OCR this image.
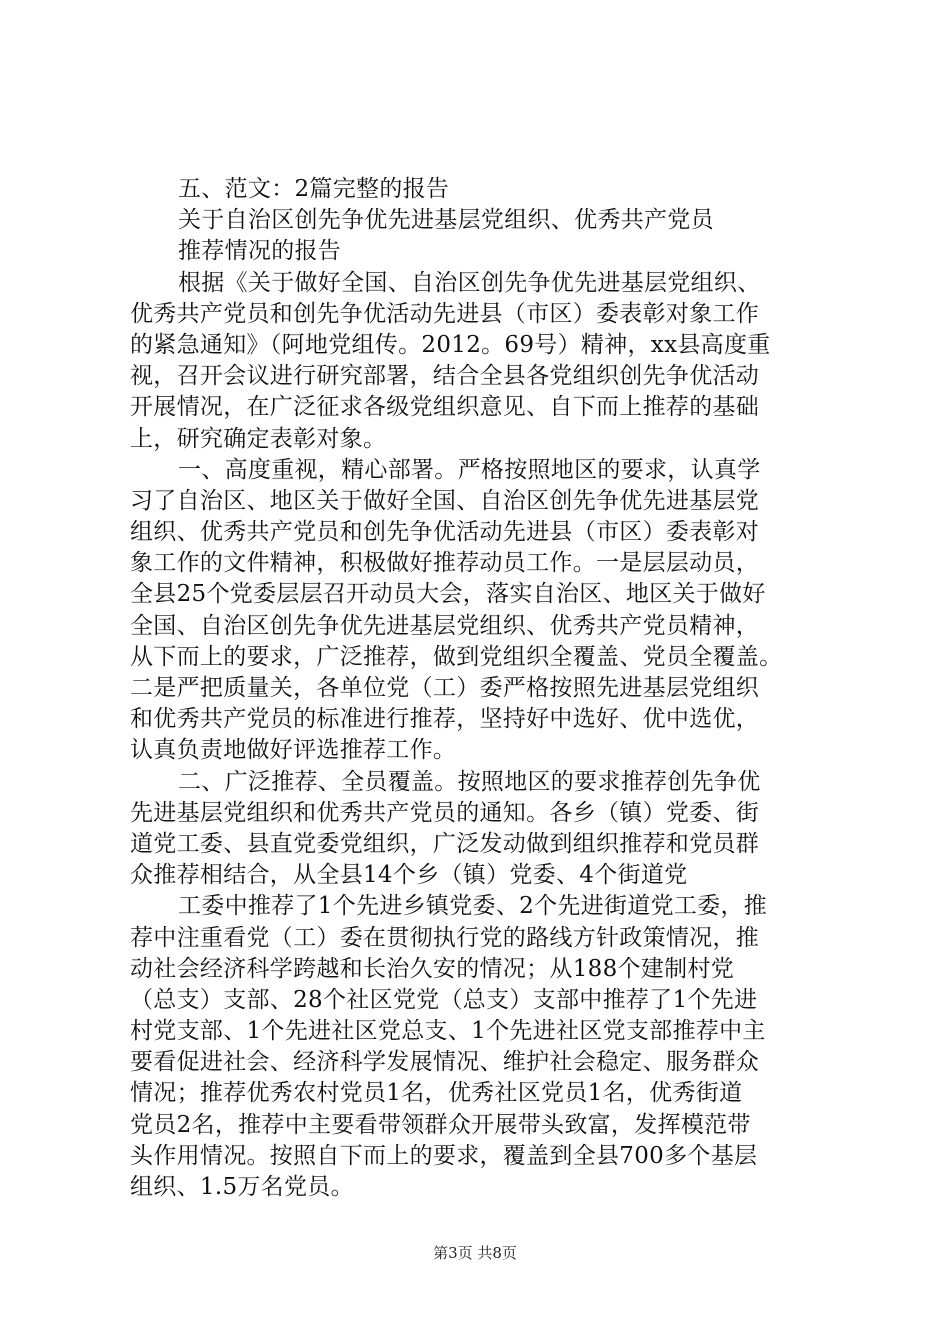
五、范文：2篇完整的报告
关于自治区创先争优先进基层党组织、优秀共产党员
推荐情况的报告
根据《关于做好全国、自治区创先争优先进基层党组织、
优秀共产党员和创先争优活动先进县（市区）委表彰对象工作
的紧急通知》（阿地党组传。2012。69号）精神，xx县高度重
视，召开会议进行研究部署，结合全县各党组织创先争优活动
开展情况，在广泛征求各级党组织意见、自下而上推荐的基础
上，研究确定表彰对象。
一、高度重视，精心部署。严格按照地区的要求，认真学
习了自治区、地区关于做好全国、自治区创先争优先进基层党
组织、优秀共产党员和创先争优活动先进县（市区）委表彰对
象工作的文件精神，积极做好推荐动员工作。一是层层动员，
全县25个党委层层召开动员大会，落实自治区、地区关于做好
全国、自治区创先争优先进基层党组织、优秀共产党员精神，
从下而上的要求，广泛推荐，做到党组织全覆盖、党员全覆盖。
二是严把质量关，各单位党（工）委严格按照先进基层党组织
和优秀共产党员的标准进行推荐，坚持好中选好、优中选优，
认真负责地做好评选推荐工作。
二、广泛推荐、全员覆盖。按照地区的要求推荐创先争优
先进基层党组织和优秀共产党员的通知。各乡（镇）党委、街
道党工委、县直党委党组织，广泛发动做到组织推荐和党员群
众推荐相结合，从全县14个乡（镇）党委、4个街道党
工委中推荐了1个先进乡镇党委、2个先进街道党工委，推
荐中注重看党（工）委在贯彻执行党的路线方针政策情况，推
动社会经济科学跨越和长治久安的情况；从188个建制村党
（总支）支部、28个社区党党（总支）支部中推荐了1个先进
村党支部、1个先进社区党总支、1个先进社区党支部推荐中主
要看促进社会、经济科学发展情况、维护社会稳定、服务群众
情况；推荐优秀农村党员1名，优秀社区党员1名，优秀街道
党员2名，推荐中主要看带领群众开展带头致富，发挥模范带
头作用情况。按照自下而上的要求，覆盖到全县700多个基层
组织、1.5万名党员。
第3页 共8页
